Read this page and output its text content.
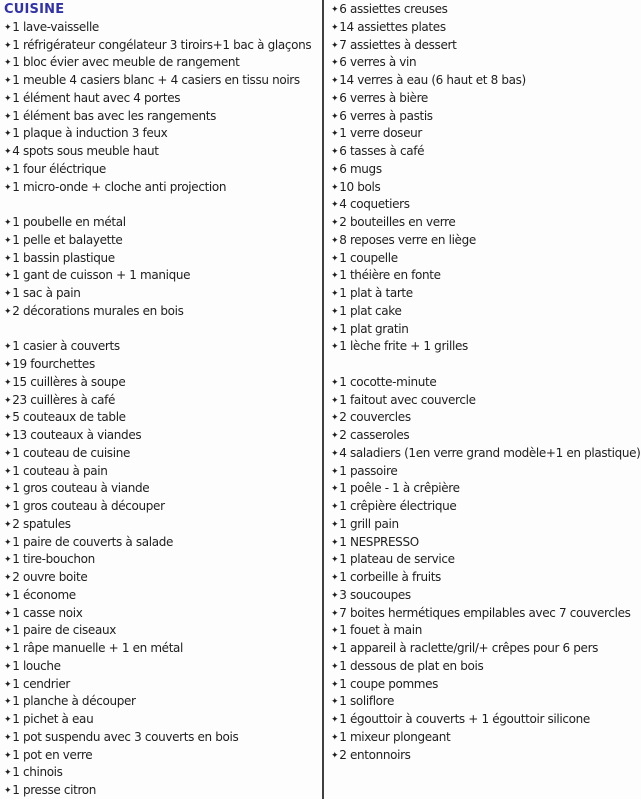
CUISINE
✦1 lave-vaisselle
✦1 réfrigérateur congélateur 3 tiroirs+1 bac à glaçons
✦1 bloc évier avec meuble de rangement
✦1 meuble 4 casiers blanc + 4 casiers en tissu noirs
✦1 élément haut avec 4 portes
✦1 élément bas avec les rangements
✦1 plaque à induction 3 feux
✦4 spots sous meuble haut
✦1 four éléctrique
✦1 micro-onde + cloche anti projection
✦1 poubelle en métal
✦1 pelle et balayette
✦1 bassin plastique
✦1 gant de cuisson + 1 manique
✦1 sac à pain
✦2 décorations murales en bois
✦1 casier à couverts
✦19 fourchettes
✦15 cuillères à soupe
✦23 cuillères à café
✦5 couteaux de table
✦13 couteaux à viandes
✦1 couteau de cuisine
✦1 couteau à pain
✦1 gros couteau à viande
✦1 gros couteau à découper
✦2 spatules
✦1 paire de couverts à salade
✦1 tire-bouchon
✦2 ouvre boite
✦1 économe
✦1 casse noix
✦1 paire de ciseaux
✦1 râpe manuelle + 1 en métal
✦1 louche
✦1 cendrier
✦1 planche à découper
✦1 pichet à eau
✦1 pot suspendu avec 3 couverts en bois
✦1 pot en verre
✦1 chinois
✦1 presse citron
✦6 assiettes creuses
✦14 assiettes plates
✦7 assiettes à dessert
✦6 verres à vin
✦14 verres à eau (6 haut et 8 bas)
✦6 verres à bière
✦6 verres à pastis
✦1 verre doseur
✦6 tasses à café
✦6 mugs
✦10 bols
✦4 coquetiers
✦2 bouteilles en verre
✦8 reposes verre en liège
✦1 coupelle
✦1 théière en fonte
✦1 plat à tarte
✦1 plat cake
✦1 plat gratin
✦1 lèche frite + 1 grilles
✦1 cocotte-minute
✦1 faitout avec couvercle
✦2 couvercles
✦2 casseroles
✦4 saladiers (1en verre grand modèle+1 en plastique)
✦1 passoire
✦1 poêle - 1 à crêpière
✦1 crêpière électrique
✦1 grill pain
✦1 NESPRESSO
✦1 plateau de service
✦1 corbeille à fruits
✦3 soucoupes
✦7 boites hermétiques empilables avec 7 couvercles
✦1 fouet à main
✦1 appareil à raclette/gril/+ crêpes pour 6 pers
✦1 dessous de plat en bois
✦1 coupe pommes
✦1 soliflore
✦1 égouttoir à couverts + 1 égouttoir silicone
✦1 mixeur plongeant
✦2 entonnoirs
